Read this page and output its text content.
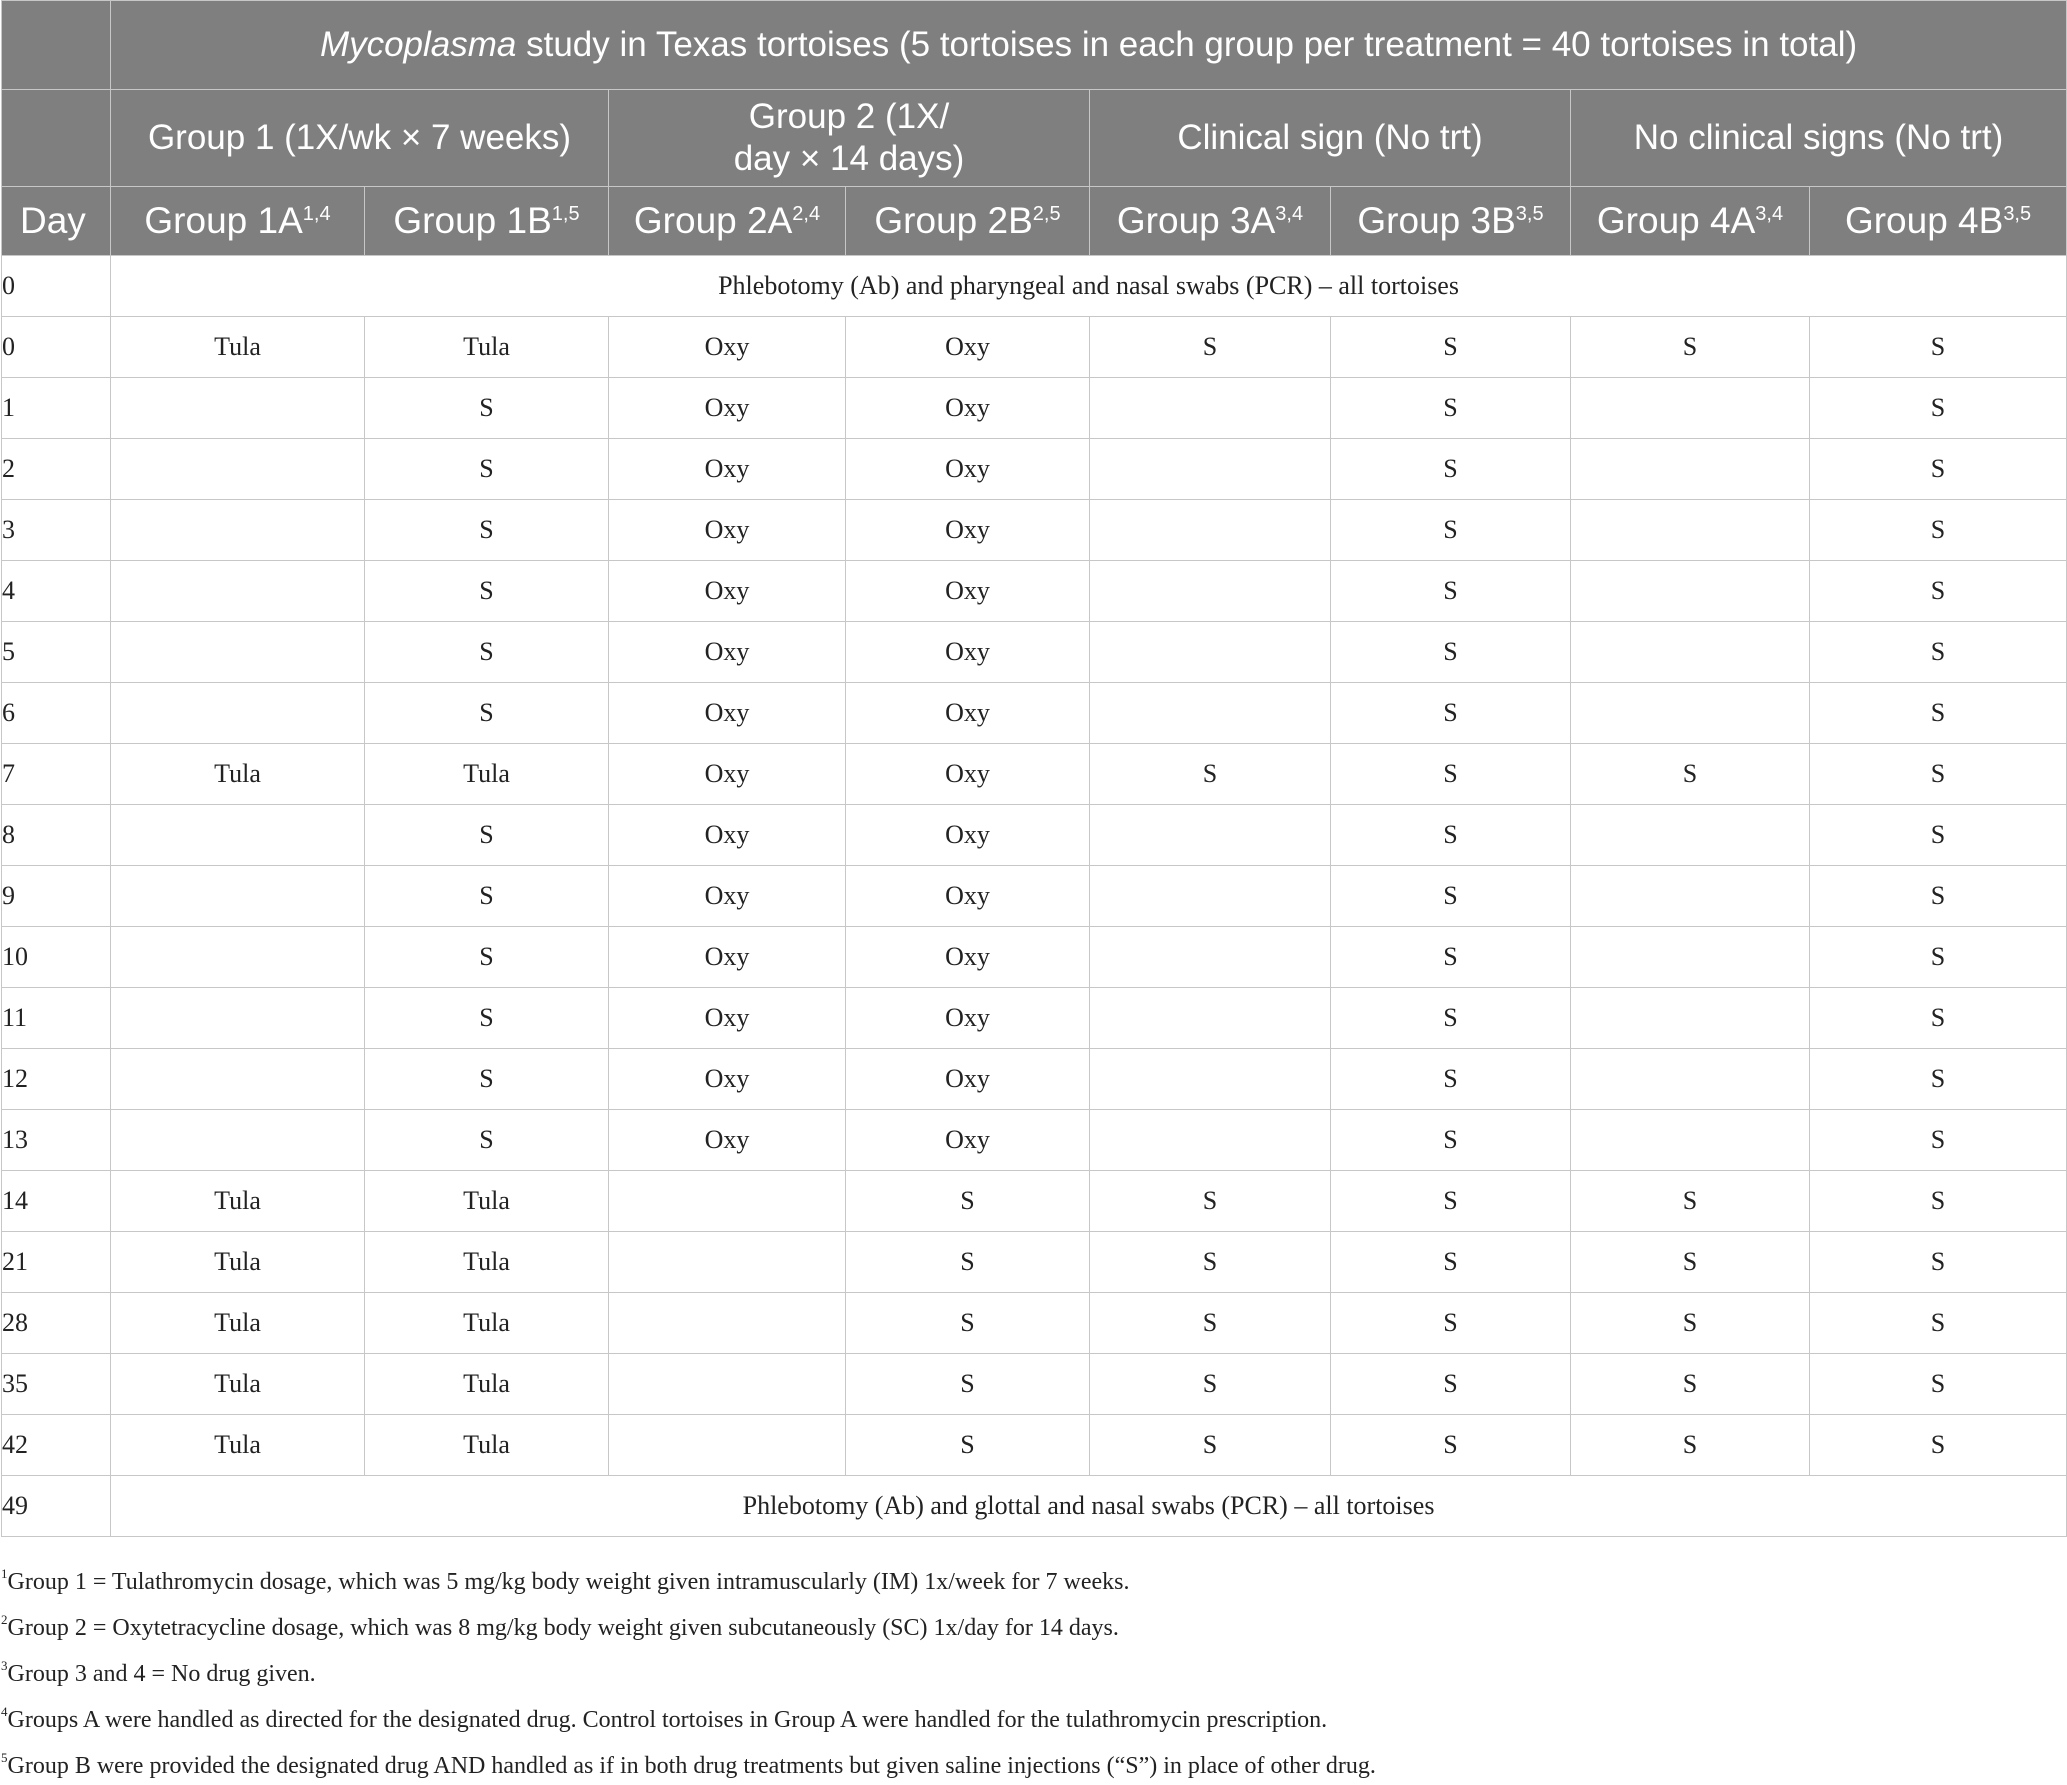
	Mycoplasma study in Texas tortoises (5 tortoises in each group per treatment = 40 tortoises in total)							
	Group 1 (1X/wk × 7 weeks)		Group 2 (1X/
day × 14 days)		Clinical sign (No trt)		No clinical signs (No trt)	
Day	Group $1A^{1,4}$	Group $1B^{1,5}$	Group $2A^{2,4}$	Group $2B^{2,5}$	Group $3A^{3,4}$	Group $3B^{3,5}$	Group $4A^{3,4}$	Group $4B^{3,5}$
0	Phlebotomy (Ab) and pharyngeal and nasal swabs (PCR) – all tortoises							
0	Tula	Tula	Oxy	Oxy	S	S	S	S
1		S	Oxy	Oxy		S		S
2		S	Oxy	Oxy		S		S
3		S	Oxy	Oxy		S		S
4		S	Oxy	Oxy		S		S
5		S	Oxy	Oxy		S		S
6		S	Oxy	Oxy		S		S
7	Tula	Tula	Oxy	Oxy	S	S	S	S
8		S	Oxy	Oxy		S		S
9		S	Oxy	Oxy		S		S
10		S	Oxy	Oxy		S		S
11		S	Oxy	Oxy		S		S
12		S	Oxy	Oxy		S		S
13		S	Oxy	Oxy		S		S
14	Tula	Tula		S	S	S	S	S
21	Tula	Tula		S	S	S	S	S
28	Tula	Tula		S	S	S	S	S
35	Tula	Tula		S	S	S	S	S
42	Tula	Tula		S	S	S	S	S
49	Phlebotomy (Ab) and glottal and nasal swabs (PCR) – all tortoises							
$^1$Group 1 = Tulathromycin dosage, which was 5 mg/kg body weight given intramuscularly (IM) 1x/week for 7 weeks.
$^2$Group 2 = Oxytetracycline dosage, which was 8 mg/kg body weight given subcutaneously (SC) 1x/day for 14 days.
$^3$Group 3 and 4 = No drug given.
$^4$Groups A were handled as directed for the designated drug. Control tortoises in Group A were handled for the tulathromycin prescription.
$^5$Group B were provided the designated drug AND handled as if in both drug treatments but given saline injections (“S”) in place of other drug.
